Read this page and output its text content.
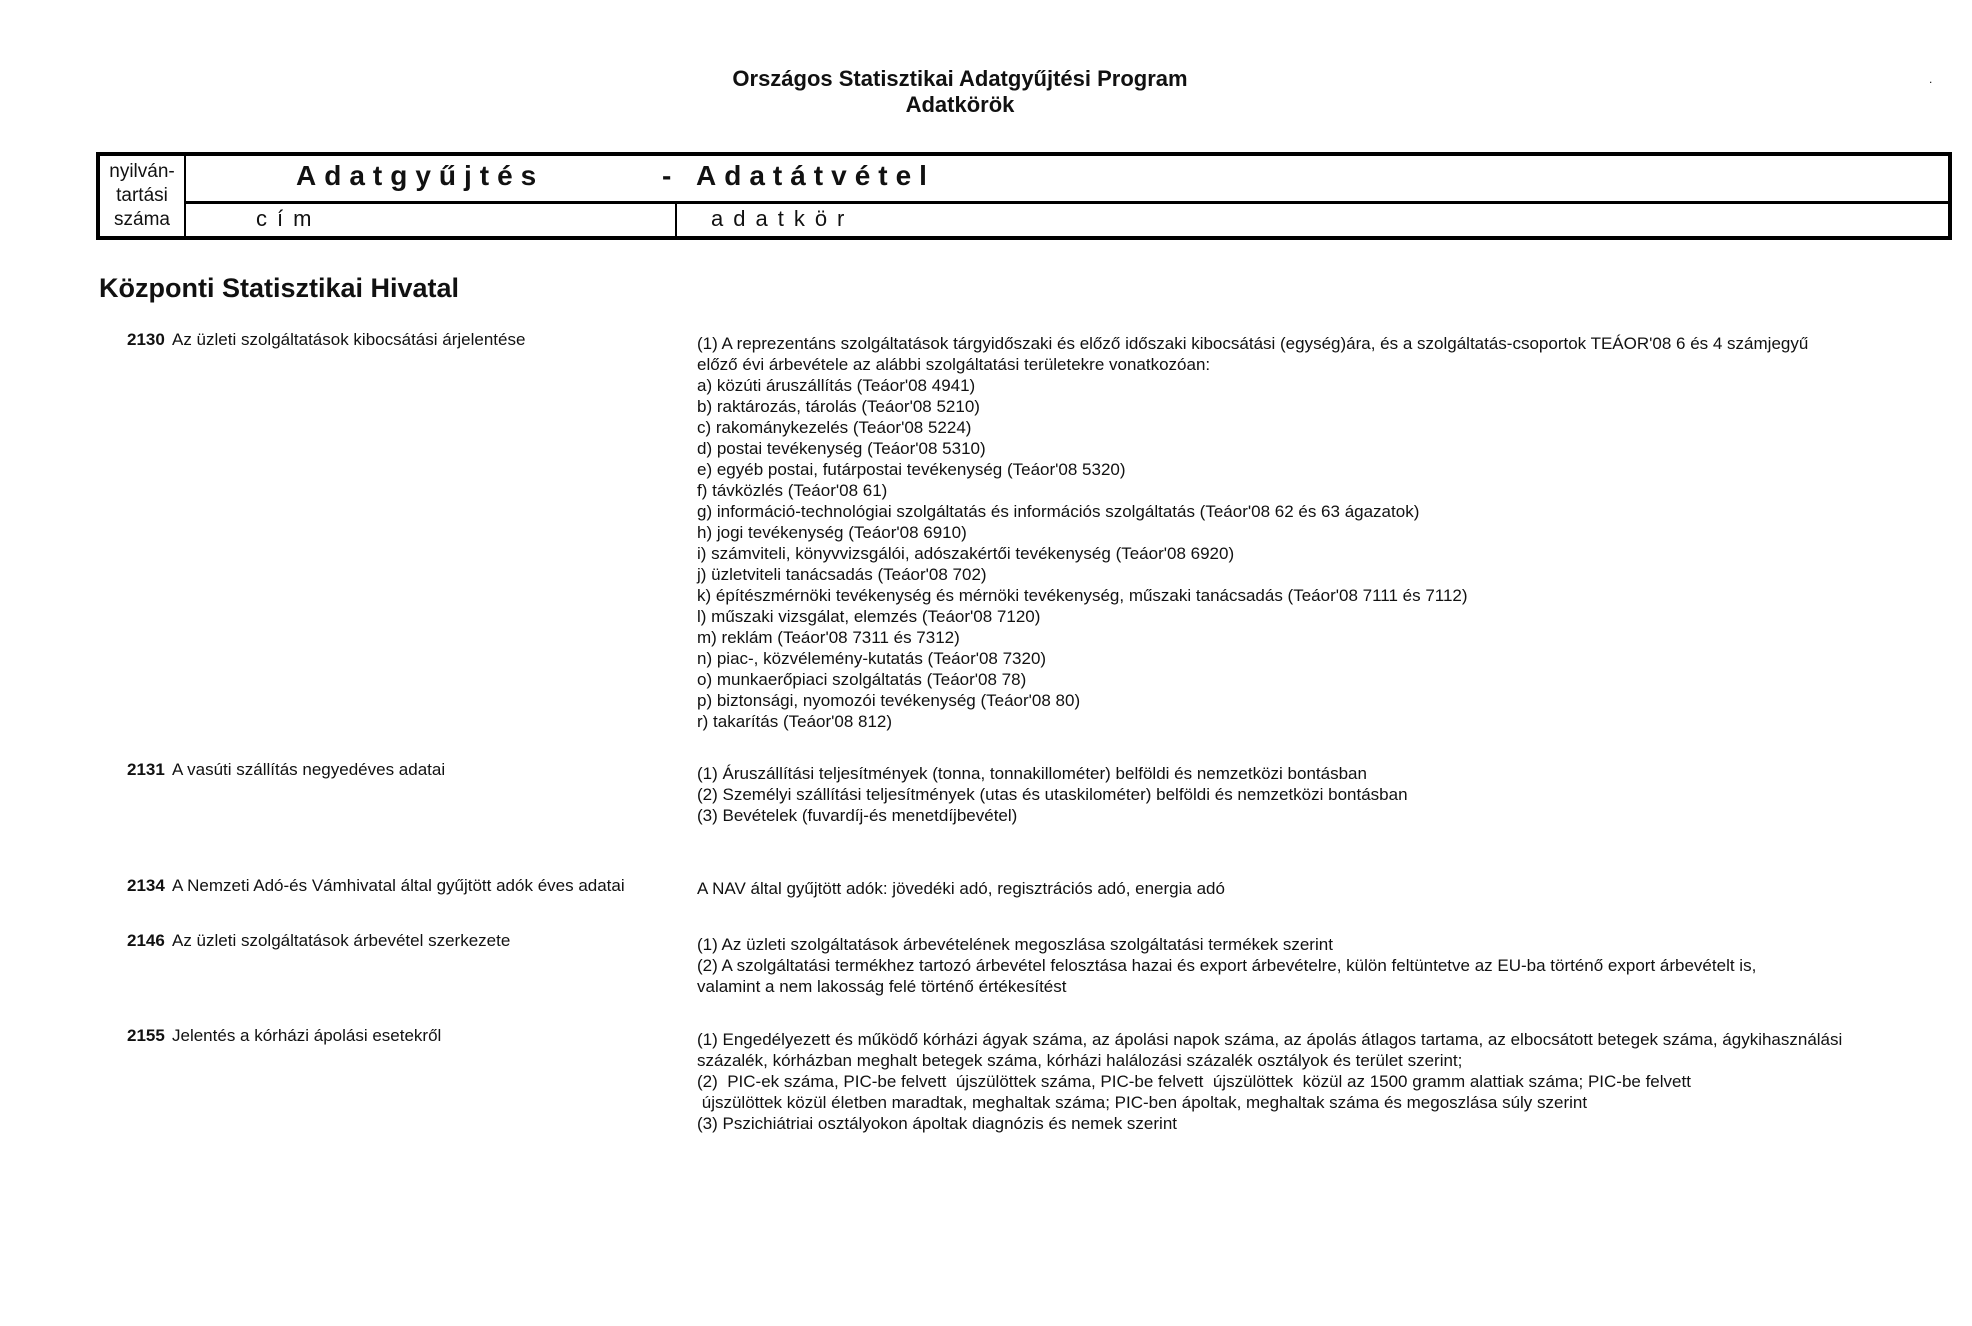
Országos Statisztikai Adatgyűjtési Program
Adatkörök
.
nyilván-
tartási
száma
Adatgyűjtés	- Adatátvétel
cím	adatkör
Központi Statisztikai Hivatal
2130 Az üzleti szolgáltatások kibocsátási árjelentése	(1) A reprezentáns szolgáltatások tárgyidőszaki és előző időszaki kibocsátási (egység)ára, és a szolgáltatás-csoportok TEÁOR'08 6 és 4 számjegyű
előző évi árbevétele az alábbi szolgáltatási területekre vonatkozóan:
a) közúti áruszállítás (Teáor'08 4941)
b) raktározás, tárolás (Teáor'08 5210)
c) rakománykezelés (Teáor'08 5224)
d) postai tevékenység (Teáor'08 5310)
e) egyéb postai, futárpostai tevékenység (Teáor'08 5320)
f) távközlés (Teáor'08 61)
g) információ-technológiai szolgáltatás és információs szolgáltatás (Teáor'08 62 és 63 ágazatok)
h) jogi tevékenység (Teáor'08 6910)
i) számviteli, könyvvizsgálói, adószakértői tevékenység (Teáor'08 6920)
j) üzletviteli tanácsadás (Teáor'08 702)
k) építészmérnöki tevékenység és mérnöki tevékenység, műszaki tanácsadás (Teáor'08 7111 és 7112)
l) műszaki vizsgálat, elemzés (Teáor'08 7120)
m) reklám (Teáor'08 7311 és 7312)
n) piac-, közvélemény-kutatás (Teáor'08 7320)
o) munkaerőpiaci szolgáltatás (Teáor'08 78)
p) biztonsági, nyomozói tevékenység (Teáor'08 80)
r) takarítás (Teáor'08 812)
2131 A vasúti szállítás negyedéves adatai	(1) Áruszállítási teljesítmények (tonna, tonnakillométer) belföldi és nemzetközi bontásban
(2) Személyi szállítási teljesítmények (utas és utaskilométer) belföldi és nemzetközi bontásban
(3) Bevételek (fuvardíj-és menetdíjbevétel)
2134 A Nemzeti Adó-és Vámhivatal által gyűjtött adók éves adatai	A NAV által gyűjtött adók: jövedéki adó, regisztrációs adó, energia adó
2146 Az üzleti szolgáltatások árbevétel szerkezete	(1) Az üzleti szolgáltatások árbevételének megoszlása szolgáltatási termékek szerint
(2) A szolgáltatási termékhez tartozó árbevétel felosztása hazai és export árbevételre, külön feltüntetve az EU-ba történő export árbevételt is,
valamint a nem lakosság felé történő értékesítést
2155 Jelentés a kórházi ápolási esetekről	(1) Engedélyezett és működő kórházi ágyak száma, az ápolási napok száma, az ápolás átlagos tartama, az elbocsátott betegek száma, ágykihasználási
százalék, kórházban meghalt betegek száma, kórházi halálozási százalék osztályok és terület szerint;
(2)  PIC-ek száma, PIC-be felvett  újszülöttek száma, PIC-be felvett  újszülöttek  közül az 1500 gramm alattiak száma; PIC-be felvett
újszülöttek közül életben maradtak, meghaltak száma; PIC-ben ápoltak, meghaltak száma és megoszlása súly szerint
(3) Pszichiátriai osztályokon ápoltak diagnózis és nemek szerint
